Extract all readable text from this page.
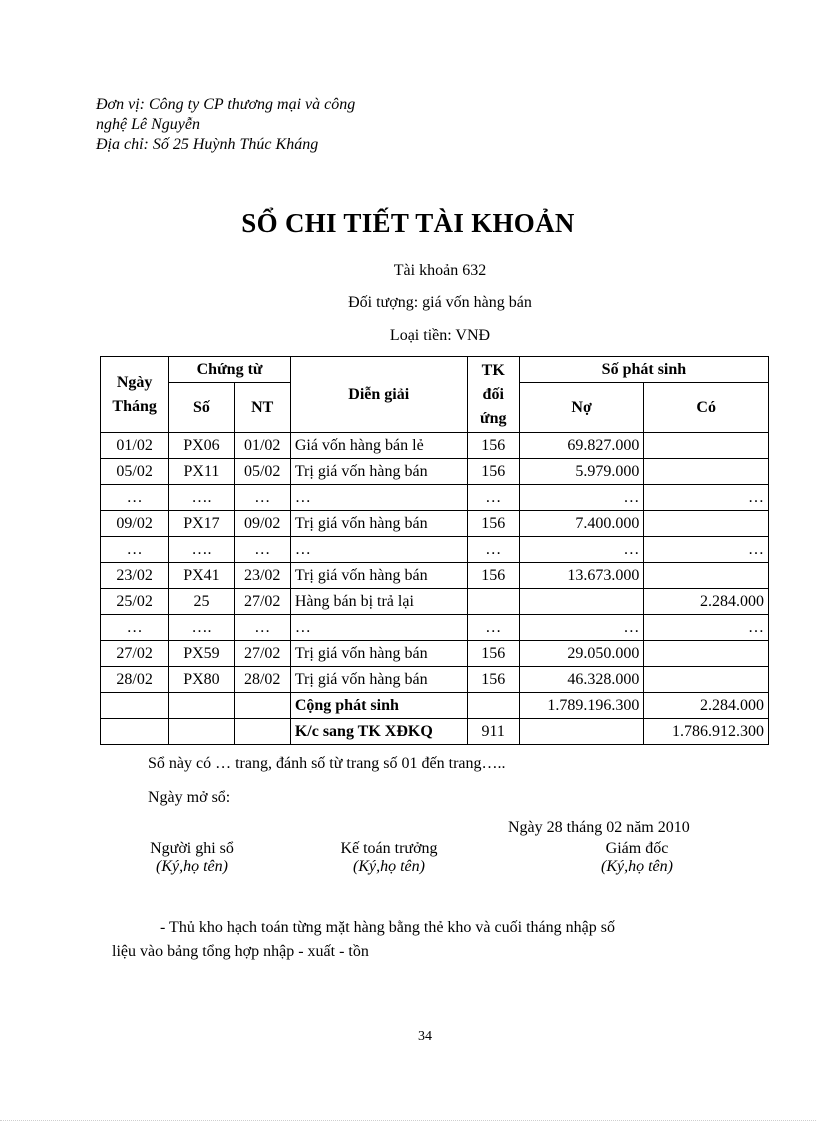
Đơn vị: Công ty CP thương mại và công
nghệ Lê Nguyễn
Địa chỉ: Số 25 Huỳnh Thúc Kháng
SỔ CHI TIẾT TÀI KHOẢN
Tài khoản 632
Đối tượng: giá vốn hàng bán
Loại tiền: VNĐ
Ngày Tháng	Chứng từ		Diễn giải	TK đối ứng	Số phát sinh	
	Số	NT			Nợ	Có
01/02	PX06	01/02	Giá vốn hàng bán lẻ	156	69.827.000	
05/02	PX11	05/02	Trị giá vốn hàng bán	156	5.979.000	
…	….	…	…	…	…	…
09/02	PX17	09/02	Trị giá vốn hàng bán	156	7.400.000	
…	….	…	…	…	…	…
23/02	PX41	23/02	Trị giá vốn hàng bán	156	13.673.000	
25/02	25	27/02	Hàng bán bị trả lại			2.284.000
…	….	…	…	…	…	…
27/02	PX59	27/02	Trị giá vốn hàng bán	156	29.050.000	
28/02	PX80	28/02	Trị giá vốn hàng bán	156	46.328.000	
			Cộng phát sinh		1.789.196.300	2.284.000
			K/c sang TK XĐKQ	911		1.786.912.300
Sổ này có … trang, đánh số từ trang số 01 đến trang…..
Ngày mở sổ:
Ngày 28 tháng 02 năm 2010
Người ghi sổ
(Ký,họ tên)
Kế toán trưởng
(Ký,họ tên)
Giám đốc
(Ký,họ tên)
- Thủ kho hạch toán từng mặt hàng bằng thẻ kho và cuối tháng nhập số
liệu vào bảng tổng hợp nhập - xuất - tồn
34
